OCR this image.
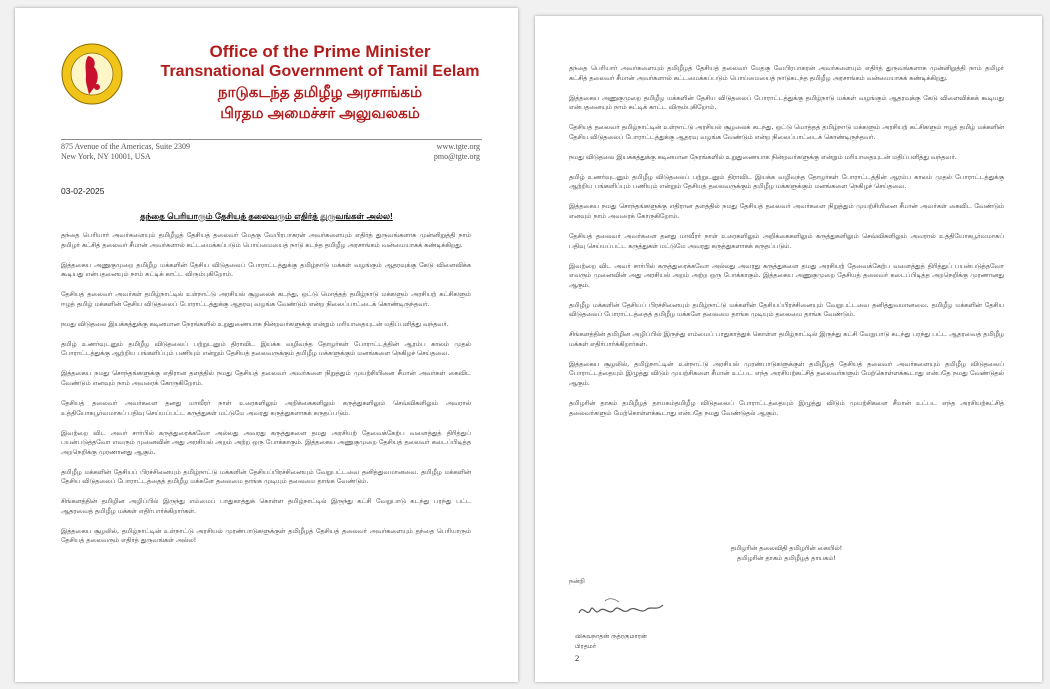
Office of the Prime Minister
Transnational Government of Tamil Eelam
நாடுகடந்த தமிழீழ அரசாங்கம்
பிரதம அமைச்சர் அலுவலகம்
875 Avenue of the Americas, Suite 2309
New York, NY 10001, USA
www.tgte.org
pmo@tgte.org
03-02-2025
தந்தை பெரியாரும் தேசியத் தலைவரும் எதிர்த் துருவங்கள் அல்ல!

தந்தை பெரியார் அவர்களையும் தமிழீழத் தேசியத் தலைவர் மேதகு வேபிரபாகரன் அவர்களையும் எதிர்த் துருவங்களாக முன்னிறுத்தி நாம் தமிழர் கட்சித் தலைவர் சீமான் அவர்களால் கட்டமைக்கப்படும் பொய்மையைத் நாடு கடந்த தமிழீழ அரசாங்கம் வன்மையாகக் கண்டிக்கிறது.

இத்தகைய அணுகுமுறை தமிழீழ மக்களின் தேசிய விடுதலைப் போராட்டத்துக்கு தமிழ்நாடு மக்கள் வழங்கும் ஆதரவுக்கு கேடு விளைவிக்க கூடியது என்பதனையும் நாம் சுட்டிக் காட்ட விரும்புகிறோம்.

தேசியத் தலைவர் அவர்கள் தமிழ்நாட்டில் உள்நாட்டு அரசியல் சூழலைக் கடந்து, ஒட்டு மொத்தத் தமிழ்நாடு மக்களும் அரசியற் கட்சிகளும் ஈழத் தமிழ் மக்களின் தேசிய விடுதலைப் போராட்டத்துக்கு ஆதரவு வழங்க வேண்டும் என்ற நிலைப்பாட்டைக் கொண்டிருந்தவர்.

நமது விடுதலை இயக்கத்துக்கு கடினமான நேரங்களில் உறுதுணையாக நின்றவர்களுக்கு என்றும் மரியாதையுடன் மதிப்பளித்து வந்தவர்.

தமிழ் உணர்வுடனும் தமிழீழ விடுதலைப் பற்றுடனும் திராவிட இயக்க வழிவந்த தோழர்கள் போராட்டத்தின் ஆரம்ப காலம் முதல் போராட்டத்துக்கு ஆற்றிய பங்களிப்பும் பணியும் என்றும் தேசியத் தலைவருக்கும் தமிழீழ மக்களுக்கும் மனங்களை நெகிழச் செய்தவை.

இத்தகைய நமது சொந்தங்களுக்கு எதிரான தளத்தில் நமது தேசியத் தலைவர் அவர்களை நிறுத்தும் முயற்சியினை சீமான் அவர்கள் கைவிட வேண்டும் எனவும் நாம் அவரைக் கோருகிறோம்.

தேசியத் தலைவர் அவர்களை தனது மாவீரர் நாள் உரைகளிலும் அறிக்கைகளிலும் கருத்துகளிலும் செவ்விகளிலும் அவரால் உத்தியோகபூர்வமாகப் பதிவு செய்யப்பட்ட கருத்துகள் மட்டுமே அவரது கருத்துகளாகக் கருதப்படும்.

இவற்றை விட அவர் சார்பில் கருத்துரைக்கவோ அல்லது அவரது கருத்துகளை தமது அரசியற் தேவைக்கேற்ப வளைத்துத் திரித்துப் பயன்படுத்தவோ எவரும் முனைவின் அது அரசியல் அறம் அற்ற ஒரு போக்காகும். இத்தகைய அணுகுமுறை தேசியத் தலைவர் கடைப்பிடித்த அறநெறிக்கு முரணானது ஆகும்.

தமிழீழ மக்களின் தேசியப் பிரச்சினையும் தமிழ்நாட்டு மக்களின் தேசியப்பிரச்சினையும் வேறுபட்டவை தனித்துவமானவை. தமிழீழ மக்களின் தேசிய விடுதலைப் போராட்டத்தைத் தமிழீழ மக்களே தலைமை தாங்க முடியும் தலைமை தாங்க வேண்டும்.

சிங்களத்தின் தமிழின அழிப்பில் இருந்து எம்மைப் பாதுகாத்துக் கொள்ள தமிழ்நாட்டில் இருந்து கட்சி வேறுபாடு கடந்து பரந்து பட்ட ஆதரவைத் தமிழீழ மக்கள் எதிர்பார்க்கிறார்கள்.

இத்தகைய சூழலில், தமிழ்நாட்டின் உள்நாட்டு அரசியல் முரண்பாடுகளுக்குள் தமிழீழத் தேசியத் தலைவர் அவர்களையும் தந்தை பெரியாரும் தேசியத் தலைவரும் எதிர்த் துருவங்கள் அல்ல!

தந்தை பெரியார் அவர்களையும் தமிழீழத் தேசியத் தலைவர் மேதகு வேபிரபாகரன் அவர்களையும் எதிர்த் துருவங்களாக முன்னிறுத்தி நாம் தமிழர் கட்சித் தலைவர் சீமான் அவர்களால் கட்டமைக்கப்படும் பொய்மையைத் நாடுகடந்த தமிழீழ அரசாங்கம் வன்மையாகக் கண்டிக்கிறது.

இத்தகைய அணுகுமுறை தமிழீழ மக்களின் தேசிய விடுதலைப் போராட்டத்துக்கு தமிழ்நாடு மக்கள் வழங்கும் ஆதரவுக்கு கேடு விளைவிக்கக் கூடியது என்பதனையும் நாம் சுட்டிக் காட்ட விரும்புகிறோம்.

தேசியத் தலைவர் தமிழ்நாட்டின் உள்நாட்டு அரசியல் சூழலைக் கடந்து, ஒட்டு மொத்தத் தமிழ்நாடு மக்களும் அரசியற் கட்சிகளும் ஈழத் தமிழ் மக்களின் தேசிய விடுதலைப் போராட்டத்துக்கு ஆதரவு வழங்க வேண்டும் என்ற நிலைப்பாட்டைக் கொண்டிருந்தவர்.

நமது விடுதலை இயக்கத்துக்கு கடினமான நேரங்களில் உறுதுணையாக நின்றவர்களுக்கு என்றும் மரியாதையுடன் மதிப்பளித்து வந்தவர்.

தமிழ் உணர்வுடனும் தமிழீழ விடுதலைப் பற்றுடனும் திராவிட இயக்க வழிவந்த தோழர்கள் போராட்டத்தின் ஆரம்ப காலம் முதல் போராட்டத்துக்கு ஆற்றிய பங்களிப்பும் பணியும் என்றும் தேசியத் தலைவருக்கும் தமிழீழ மக்களுக்கும் மனங்களை நெகிழச் செய்தவை.

இத்தகைய நமது சொந்தங்களுக்கு எதிரான தளத்தில் நமது தேசியத் தலைவர் அவர்களை நிறுத்தும் முயற்சியினை சீமான் அவர்கள் கைவிட வேண்டும் எனவும் நாம் அவரைக் கோருகிறோம்.

தேசியத் தலைவர் அவர்களை தனது மாவீரர் நாள் உரைகளிலும் அறிக்கைகளிலும் கருத்துகளிலும் செவ்விகளிலும் அவரால் உத்தியோகபூர்வமாகப் பதிவு செய்யப்பட்ட கருத்துகள் மட்டுமே அவரது கருத்துகளாகக் கருதப்படும்.

இவற்றை விட அவர் சார்பில் கருத்துரைக்கவோ அல்லது அவரது கருத்துகளை தமது அரசியற் தேவைக்கேற்ப வளைத்துத் திரித்துப் பயன்படுத்தவோ எவரும் முனைவின் அது அரசியல் அறம் அற்ற ஒரு போக்காகும். இத்தகைய அணுகுமுறை தேசியத் தலைவர் கடைப்பிடித்த அறநெறிக்கு முரணானது ஆகும்.

தமிழீழ மக்களின் தேசியப் பிரச்சினையும் தமிழ்நாட்டு மக்களின் தேசியப்பிரச்சினையும் வேறுபட்டவை தனித்துவமானவை. தமிழீழ மக்களின் தேசிய விடுதலைப் போராட்டத்தைத் தமிழீழ மக்களே தலைமை தாங்க முடியும் தலைமை தாங்க வேண்டும்.

சிங்களத்தின் தமிழின அழிப்பில் இருந்து எம்மைப் பாதுகாத்துக் கொள்ள தமிழ்நாட்டில் இருந்து கட்சி வேறுபாடு கடந்து பரந்து பட்ட ஆதரவைத் தமிழீழ மக்கள் எதிர்பார்க்கிறார்கள்.

இத்தகைய சூழலில், தமிழ்நாட்டின் உள்நாட்டு அரசியல் முரண்பாடுகளுக்குள் தமிழீழத் தேசியத் தலைவர் அவர்களையும் தமிழீழ விடுதலைப் போராட்டத்தையும் இழுத்து விடும் முயற்சிகளை சீமான் உட்பட எந்த அரசியற்கட்சித் தலைவர்களும் மேற்கொள்ளக்கூடாது என்பதே நமது வேண்டுதல் ஆகும்.

தமிழரின் தாகம் தமிழீழத் தாயகம்தமிழீழ விடுதலைப் போராட்டத்தையும் இழுத்து விடும் முயற்சிகளை சீமான் உட்பட எந்த அரசியற்கட்சித் தலைவர்களும் மேற்கொள்ளக்கூடாது என்பதே நமது வேண்டுதல் ஆகும்.

தமிழரின் தலைவிதி தமிழரின் கையில்!
தமிழரின் தாகம் தமிழீழத் தாயகம்!
நன்றி
விசுவநாதன் ருத்ரகுமாரன்
பிரதமர்
2
